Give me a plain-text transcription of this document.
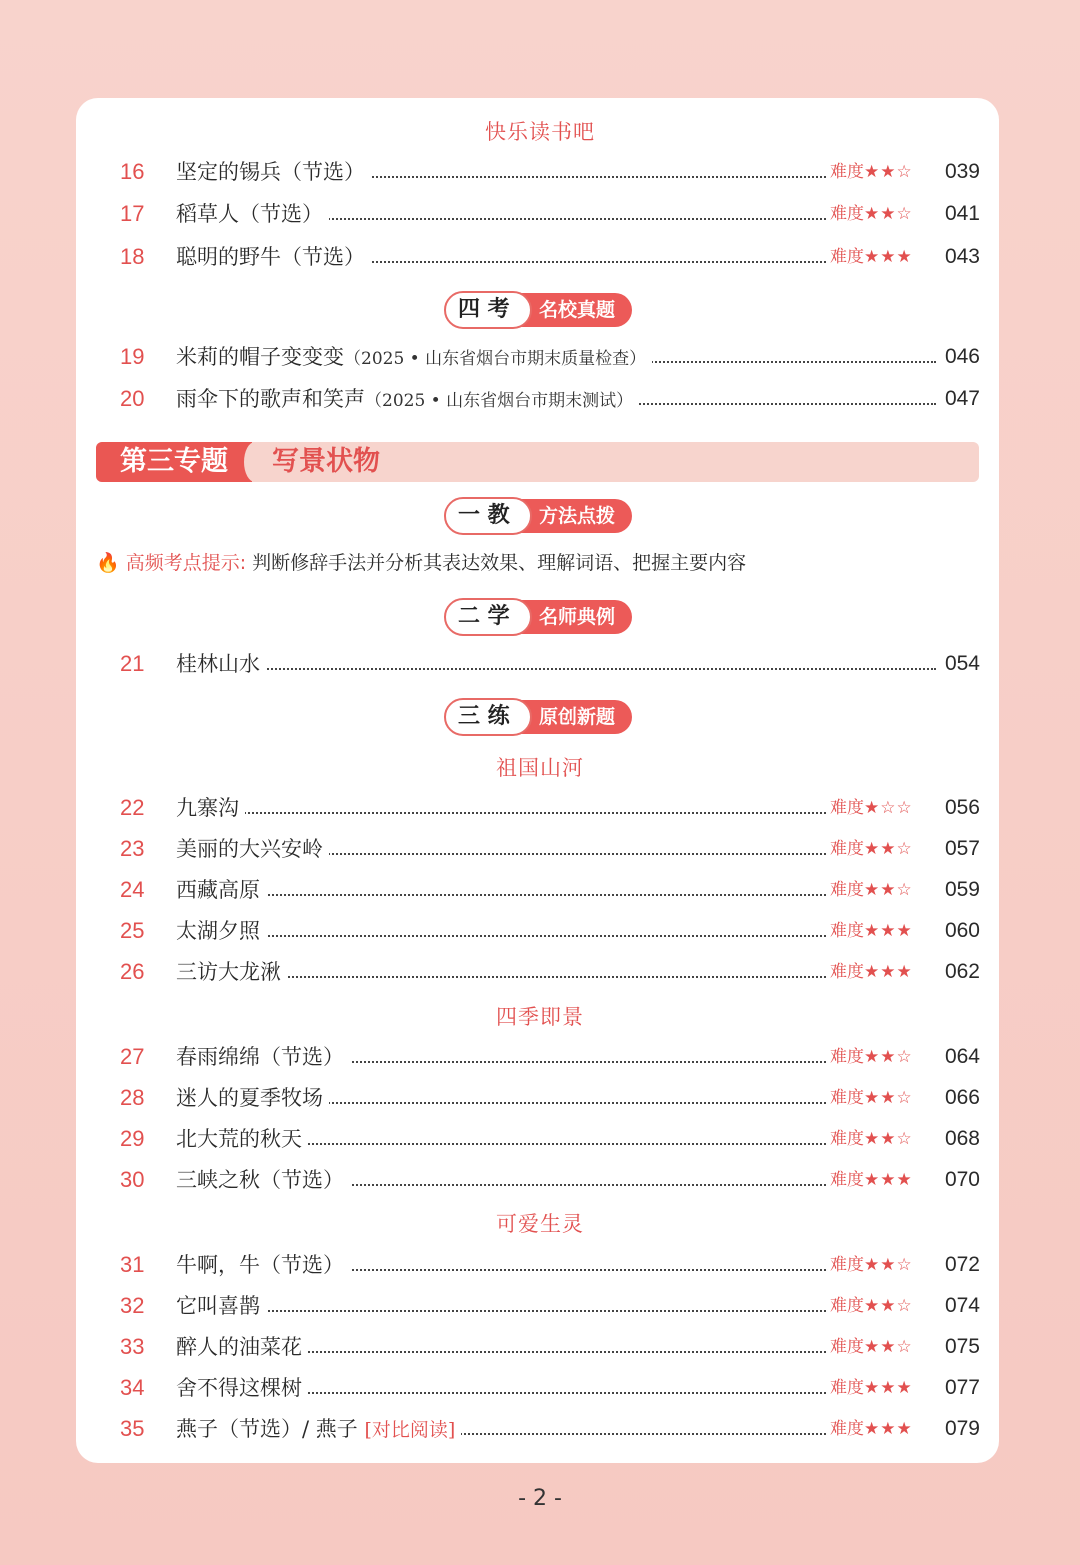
快乐读书吧
16	坚定的锡兵（节选）	难度★★☆	039
17	稻草人（节选）	难度★★☆	041
18	聪明的野牛（节选）	难度★★★	043
名校真题
四 考
19	米莉的帽子变变变（2025 • 山东省烟台市期末质量检查）	046
20	雨伞下的歌声和笑声（2025 • 山东省烟台市期末测试）	047
第三专题	写景状物
方法点拨
一 教
🔥 高频考点提示: 判断修辞手法并分析其表达效果、理解词语、把握主要内容
名师典例
二 学
21	桂林山水	054
原创新题
三 练
祖国山河
22	九寨沟	难度★☆☆	056
23	美丽的大兴安岭	难度★★☆	057
24	西藏高原	难度★★☆	059
25	太湖夕照	难度★★★	060
26	三访大龙湫	难度★★★	062
四季即景
27	春雨绵绵（节选）	难度★★☆	064
28	迷人的夏季牧场	难度★★☆	066
29	北大荒的秋天	难度★★☆	068
30	三峡之秋（节选）	难度★★★	070
可爱生灵
31	牛啊，牛（节选）	难度★★☆	072
32	它叫喜鹊	难度★★☆	074
33	醉人的油菜花	难度★★☆	075
34	舍不得这棵树	难度★★★	077
35	燕子（节选）/ 燕子 [对比阅读]	难度★★★	079
- 2 -
